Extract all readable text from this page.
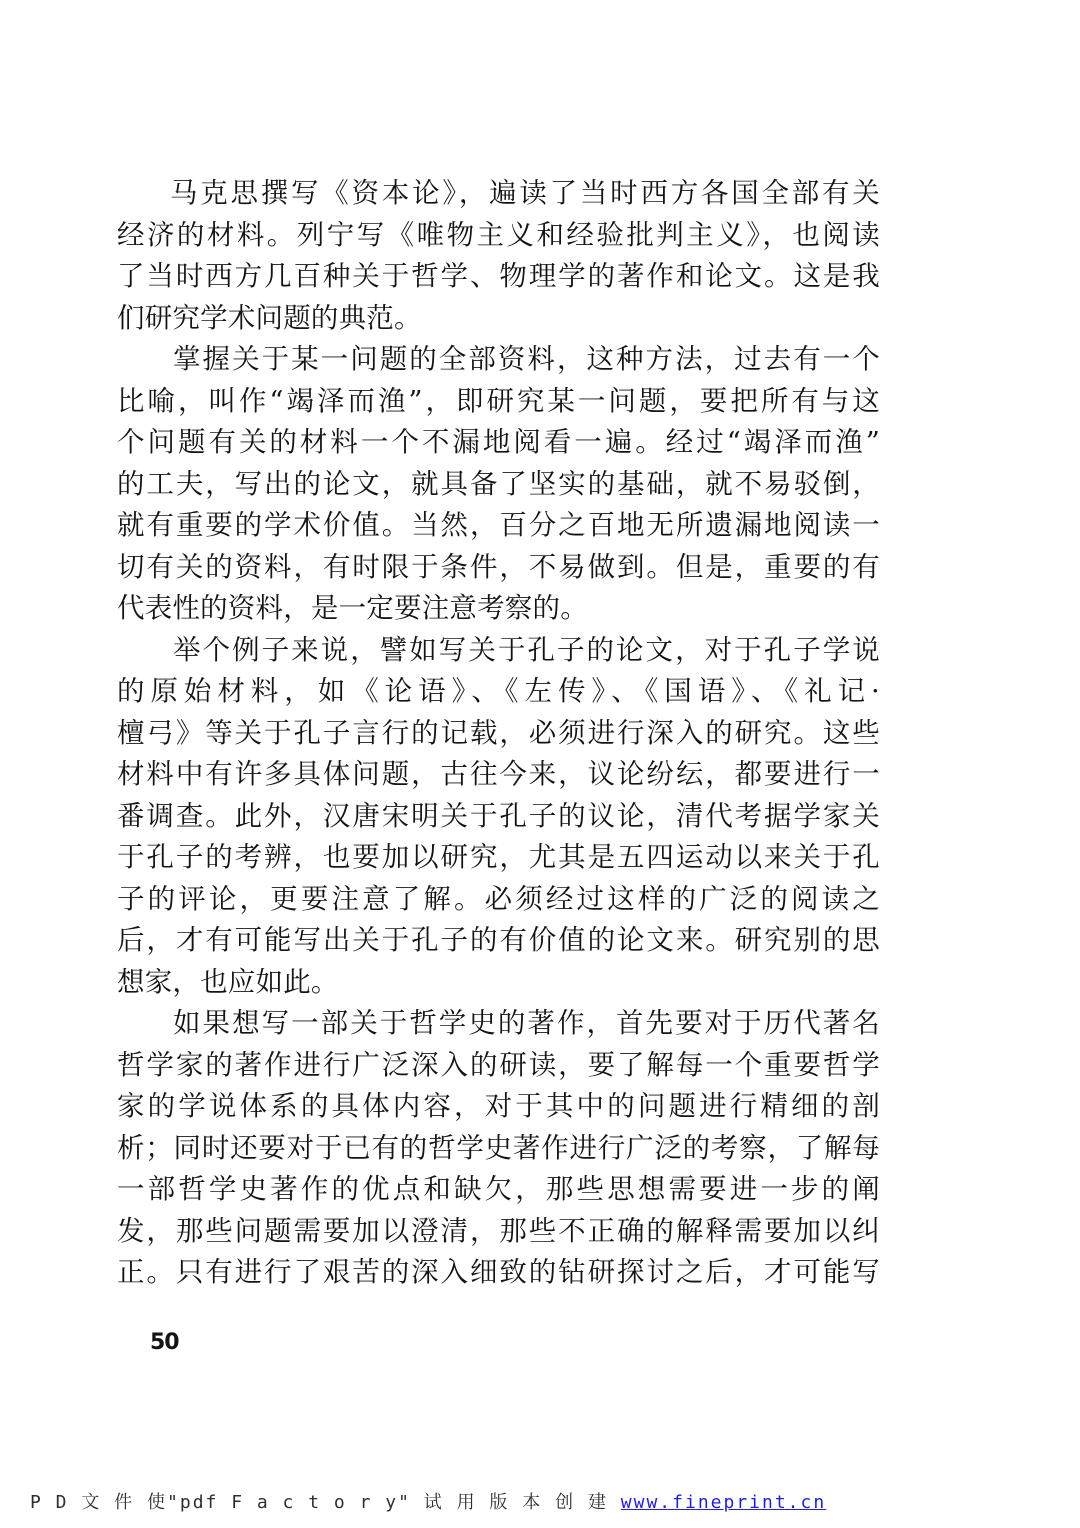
马克思撰写《资本论》，遍读了当时西方各国全部有关
经济的材料。列宁写《唯物主义和经验批判主义》，也阅读
了当时西方几百种关于哲学、物理学的著作和论文。这是我
们研究学术问题的典范。
掌握关于某一问题的全部资料，这种方法，过去有一个
比喻，叫作“竭泽而渔”，即研究某一问题，要把所有与这
个问题有关的材料一个不漏地阅看一遍。经过“竭泽而渔”
的工夫，写出的论文，就具备了坚实的基础，就不易驳倒，
就有重要的学术价值。当然，百分之百地无所遗漏地阅读一
切有关的资料，有时限于条件，不易做到。但是，重要的有
代表性的资料，是一定要注意考察的。
举个例子来说，譬如写关于孔子的论文，对于孔子学说
的原始材料，如《论语》、《左传》、《国语》、《礼记·
檀弓》等关于孔子言行的记载，必须进行深入的研究。这些
材料中有许多具体问题，古往今来，议论纷纭，都要进行一
番调查。此外，汉唐宋明关于孔子的议论，清代考据学家关
于孔子的考辨，也要加以研究，尤其是五四运动以来关于孔
子的评论，更要注意了解。必须经过这样的广泛的阅读之
后，才有可能写出关于孔子的有价值的论文来。研究别的思
想家，也应如此。
如果想写一部关于哲学史的著作，首先要对于历代著名
哲学家的著作进行广泛深入的研读，要了解每一个重要哲学
家的学说体系的具体内容，对于其中的问题进行精细的剖
析；同时还要对于已有的哲学史著作进行广泛的考察，了解每
一部哲学史著作的优点和缺欠，那些思想需要进一步的阐
发，那些问题需要加以澄清，那些不正确的解释需要加以纠
正。只有进行了艰苦的深入细致的钻研探讨之后，才可能写
50
P D 文 件 使"pdf F a c t o r y" 试 用 版 本 创 建 www.fineprint.cn
